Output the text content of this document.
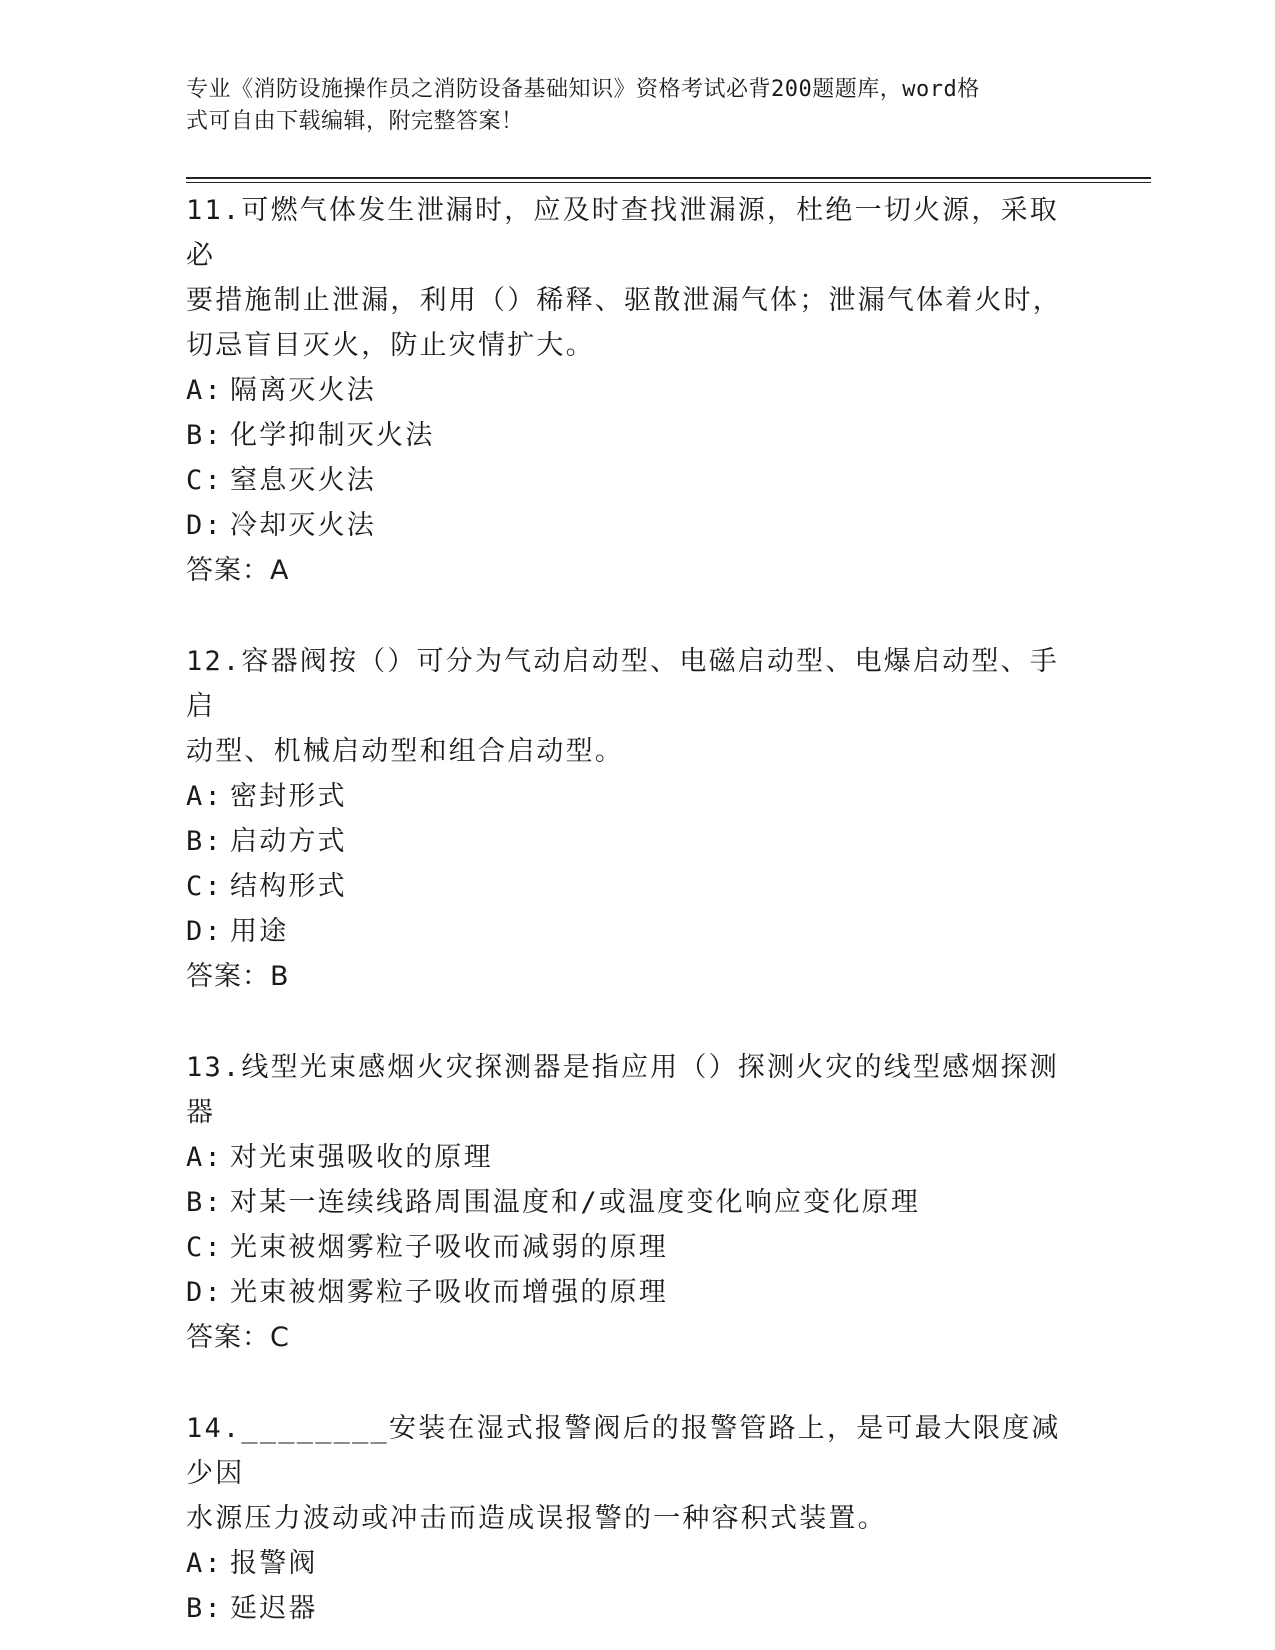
专业《消防设施操作员之消防设备基础知识》资格考试必背200题题库，word格
式可自由下载编辑，附完整答案！

11.可燃气体发生泄漏时，应及时查找泄漏源，杜绝一切火源，采取必

要措施制止泄漏，利用（）稀释、驱散泄漏气体；泄漏气体着火时，

切忌盲目灭火，防止灾情扩大。

A: 隔离灭火法

B: 化学抑制灭火法

C: 窒息灭火法

D: 冷却灭火法

答案：A

12.容器阀按（）可分为气动启动型、电磁启动型、电爆启动型、手启

动型、机械启动型和组合启动型。

A: 密封形式

B: 启动方式

C: 结构形式

D: 用途

答案：B

13.线型光束感烟火灾探测器是指应用（）探测火灾的线型感烟探测器

A: 对光束强吸收的原理

B: 对某一连续线路周围温度和/或温度变化响应变化原理

C: 光束被烟雾粒子吸收而减弱的原理

D: 光束被烟雾粒子吸收而增强的原理

答案：C

14.________安装在湿式报警阀后的报警管路上，是可最大限度减少因

水源压力波动或冲击而造成误报警的一种容积式装置。

A: 报警阀

B: 延迟器
